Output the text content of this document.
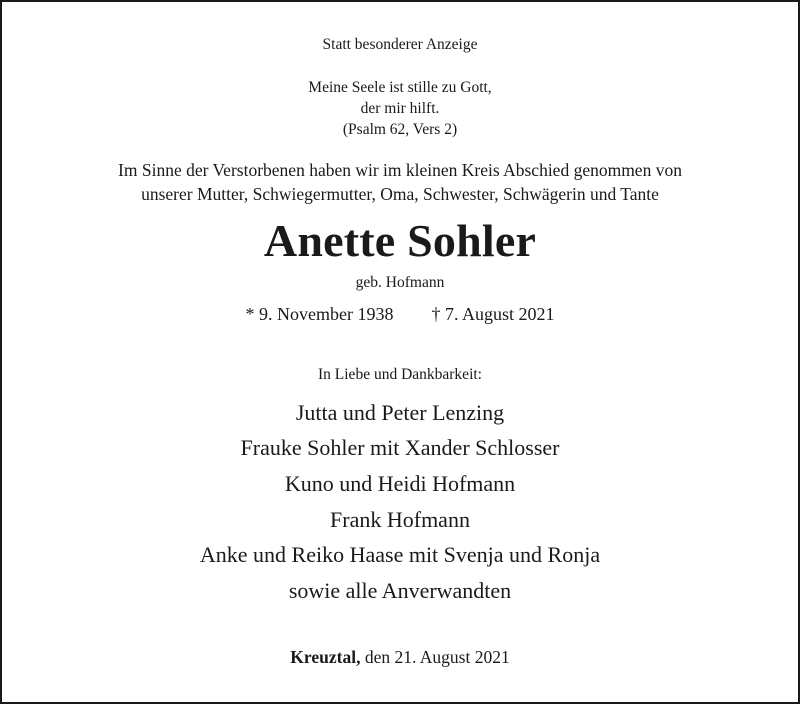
Statt besonderer Anzeige
Meine Seele ist stille zu Gott,
der mir hilft.
(Psalm 62, Vers 2)
Im Sinne der Verstorbenen haben wir im kleinen Kreis Abschied genommen von
unserer Mutter, Schwiegermutter, Oma, Schwester, Schwägerin und Tante
Anette Sohler
geb. Hofmann
* 9. November 1938 † 7. August 2021
In Liebe und Dankbarkeit:
Jutta und Peter Lenzing
Frauke Sohler mit Xander Schlosser
Kuno und Heidi Hofmann
Frank Hofmann
Anke und Reiko Haase mit Svenja und Ronja
sowie alle Anverwandten
Kreuztal, den 21. August 2021
